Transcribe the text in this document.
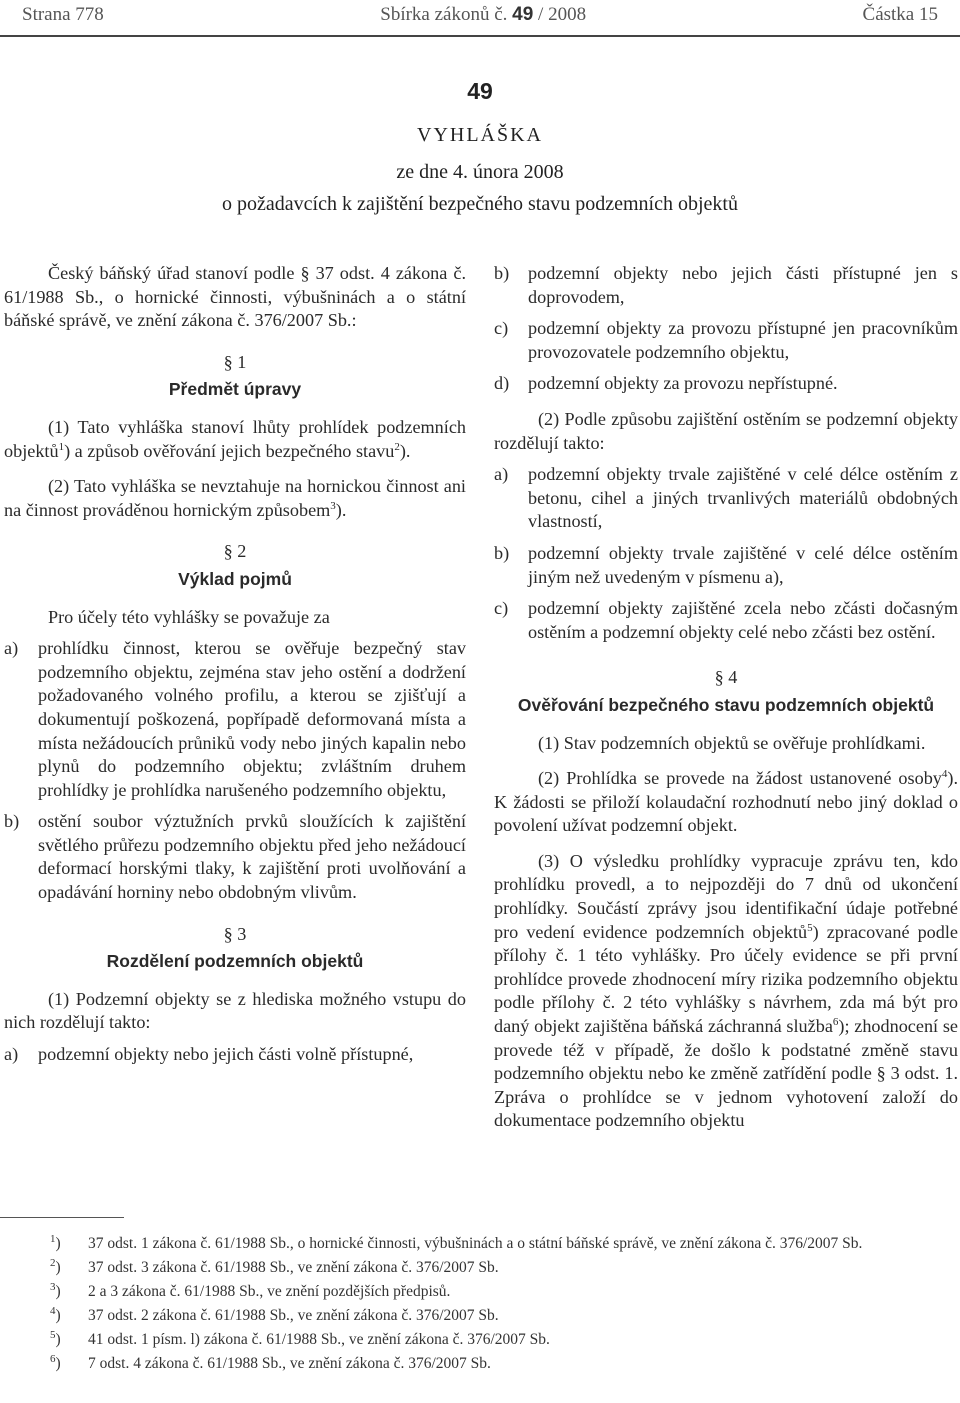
Strana 778	Sbírka zákonů č. 49 / 2008	Částka 15
49
VYHLÁŠKA
ze dne 4. února 2008
o požadavcích k zajištění bezpečného stavu podzemních objektů

Český báňský úřad stanoví podle § 37 odst. 4 zákona č. 61/1988 Sb., o hornické činnosti, výbušninách a o státní báňské správě, ve znění zákona č. 376/2007 Sb.:

§ 1
Předmět úpravy

(1) Tato vyhláška stanoví lhůty prohlídek podzemních objektů$^1$) a způsob ověřování jejich bezpečného stavu$^2$).

(2) Tato vyhláška se nevztahuje na hornickou činnost ani na činnost prováděnou hornickým způsobem$^3$).

§ 2
Výklad pojmů

Pro účely této vyhlášky se považuje za

a)	prohlídku činnost, kterou se ověřuje bezpečný stav podzemního objektu, zejména stav jeho ostění a dodržení požadovaného volného profilu, a kterou se zjišťují a dokumentují poškozená, popřípadě deformovaná místa a místa nežádoucích průniků vody nebo jiných kapalin nebo plynů do podzemního objektu; zvláštním druhem prohlídky je prohlídka narušeného podzemního objektu,
b)	ostění soubor výztužních prvků sloužících k zajištění světlého průřezu podzemního objektu před jeho nežádoucí deformací horskými tlaky, k zajištění proti uvolňování a opadávání horniny nebo obdobným vlivům.
§ 3
Rozdělení podzemních objektů

(1) Podzemní objekty se z hlediska možného vstupu do nich rozdělují takto:

a)	podzemní objekty nebo jejich části volně přístupné,
b)	podzemní objekty nebo jejich části přístupné jen s doprovodem,
c)	podzemní objekty za provozu přístupné jen pracovníkům provozovatele podzemního objektu,
d)	podzemní objekty za provozu nepřístupné.

(2) Podle způsobu zajištění ostěním se podzemní objekty rozdělují takto:

a)	podzemní objekty trvale zajištěné v celé délce ostěním z betonu, cihel a jiných trvanlivých materiálů obdobných vlastností,
b)	podzemní objekty trvale zajištěné v celé délce ostěním jiným než uvedeným v písmenu a),
c)	podzemní objekty zajištěné zcela nebo zčásti dočasným ostěním a podzemní objekty celé nebo zčásti bez ostění.
§ 4
Ověřování bezpečného stavu podzemních objektů

(1) Stav podzemních objektů se ověřuje prohlídkami.

(2) Prohlídka se provede na žádost ustanovené osoby$^4$). K žádosti se přiloží kolaudační rozhodnutí nebo jiný doklad o povolení užívat podzemní objekt.

(3) O výsledku prohlídky vypracuje zprávu ten, kdo prohlídku provedl, a to nejpozději do 7 dnů od ukončení prohlídky. Součástí zprávy jsou identifikační údaje potřebné pro vedení evidence podzemních objektů$^5$) zpracované podle přílohy č. 1 této vyhlášky. Pro účely evidence se při první prohlídce provede zhodnocení míry rizika podzemního objektu podle přílohy č. 2 této vyhlášky s návrhem, zda má být pro daný objekt zajištěna báňská záchranná služba$^6$); zhodnocení se provede též v případě, že došlo k podstatné změně stavu podzemního objektu nebo ke změně zatřídění podle § 3 odst. 1. Zpráva o prohlídce se v jednom vyhotovení založí do dokumentace podzemního objektu

$^1$)	37 odst. 1 zákona č. 61/1988 Sb., o hornické činnosti, výbušninách a o státní báňské správě, ve znění zákona č. 376/2007 Sb.
$^2$)	37 odst. 3 zákona č. 61/1988 Sb., ve znění zákona č. 376/2007 Sb.
$^3$)	2 a 3 zákona č. 61/1988 Sb., ve znění pozdějších předpisů.
$^4$)	37 odst. 2 zákona č. 61/1988 Sb., ve znění zákona č. 376/2007 Sb.
$^5$)	41 odst. 1 písm. l) zákona č. 61/1988 Sb., ve znění zákona č. 376/2007 Sb.
$^6$)	7 odst. 4 zákona č. 61/1988 Sb., ve znění zákona č. 376/2007 Sb.
